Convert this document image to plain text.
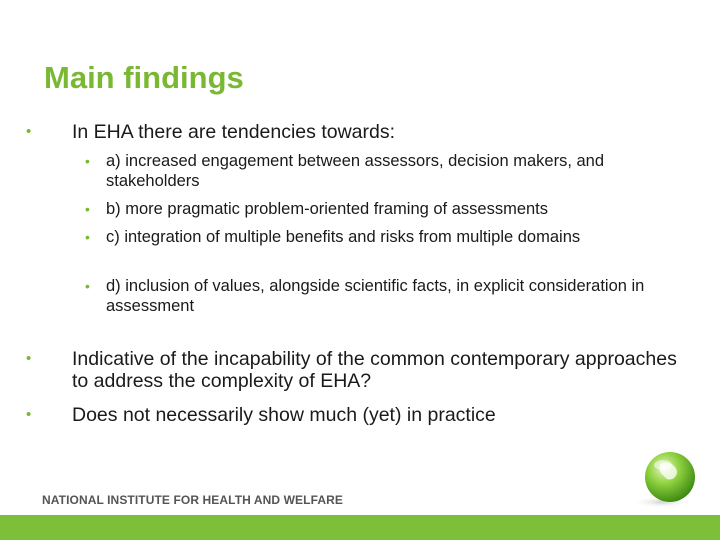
Main findings
•	In EHA there are tendencies towards:
• a) increased engagement between assessors, decision makers, and stakeholders
• b) more pragmatic problem-oriented framing of assessments
• c) integration of multiple benefits and risks from multiple domains
• d) inclusion of values, alongside scientific facts, in explicit consideration in assessment
•	Indicative of the incapability of the common contemporary approaches to address the complexity of EHA?
•	Does not necessarily show much (yet) in practice
NATIONAL INSTITUTE FOR HEALTH AND WELFARE
